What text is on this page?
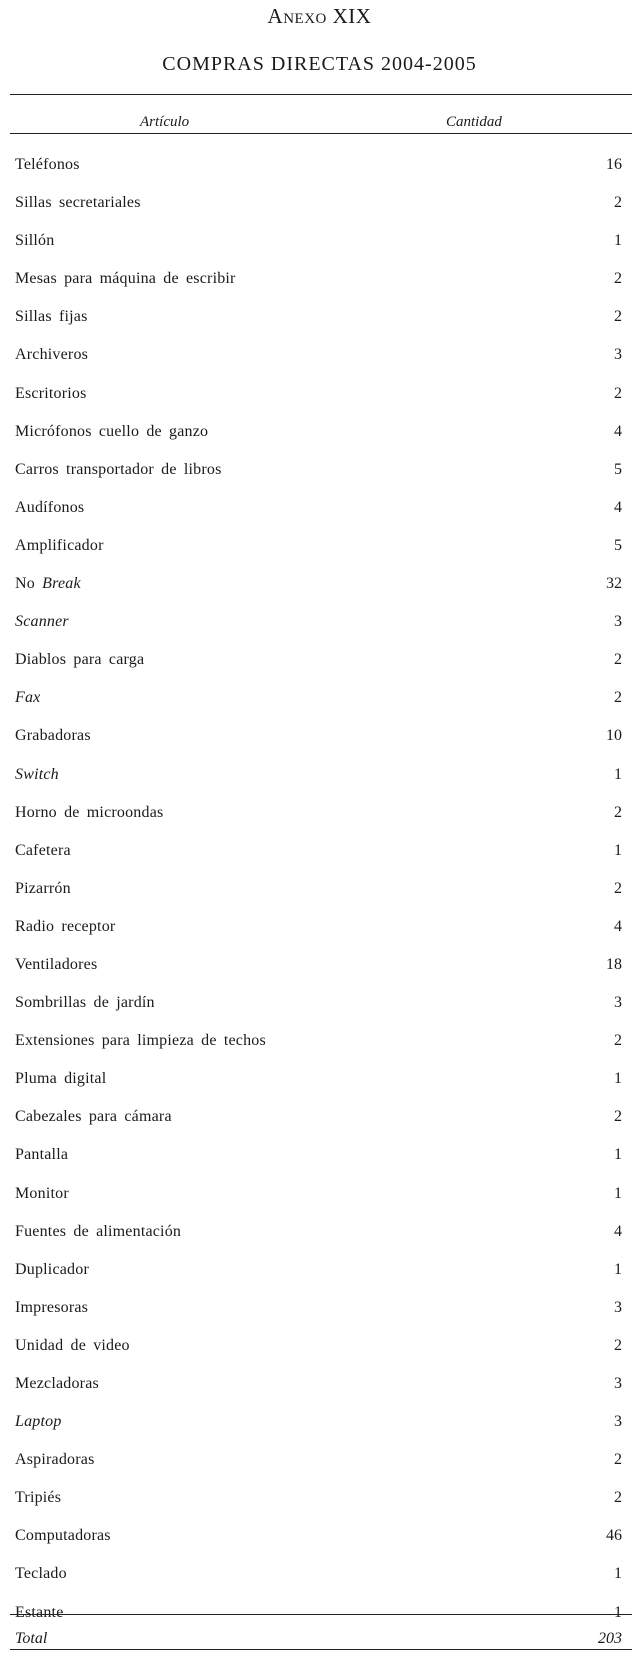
Anexo XIX
COMPRAS DIRECTAS 2004-2005
Artículo	Cantidad
Teléfonos	16
Sillas secretariales	2
Sillón	1
Mesas para máquina de escribir	2
Sillas fijas	2
Archiveros	3
Escritorios	2
Micrófonos cuello de ganzo	4
Carros transportador de libros	5
Audífonos	4
Amplificador	5
No Break	32
Scanner	3
Diablos para carga	2
Fax	2
Grabadoras	10
Switch	1
Horno de microondas	2
Cafetera	1
Pizarrón	2
Radio receptor	4
Ventiladores	18
Sombrillas de jardín	3
Extensiones para limpieza de techos	2
Pluma digital	1
Cabezales para cámara	2
Pantalla	1
Monitor	1
Fuentes de alimentación	4
Duplicador	1
Impresoras	3
Unidad de video	2
Mezcladoras	3
Laptop	3
Aspiradoras	2
Tripiés	2
Computadoras	46
Teclado	1
Estante	1
Total	203
